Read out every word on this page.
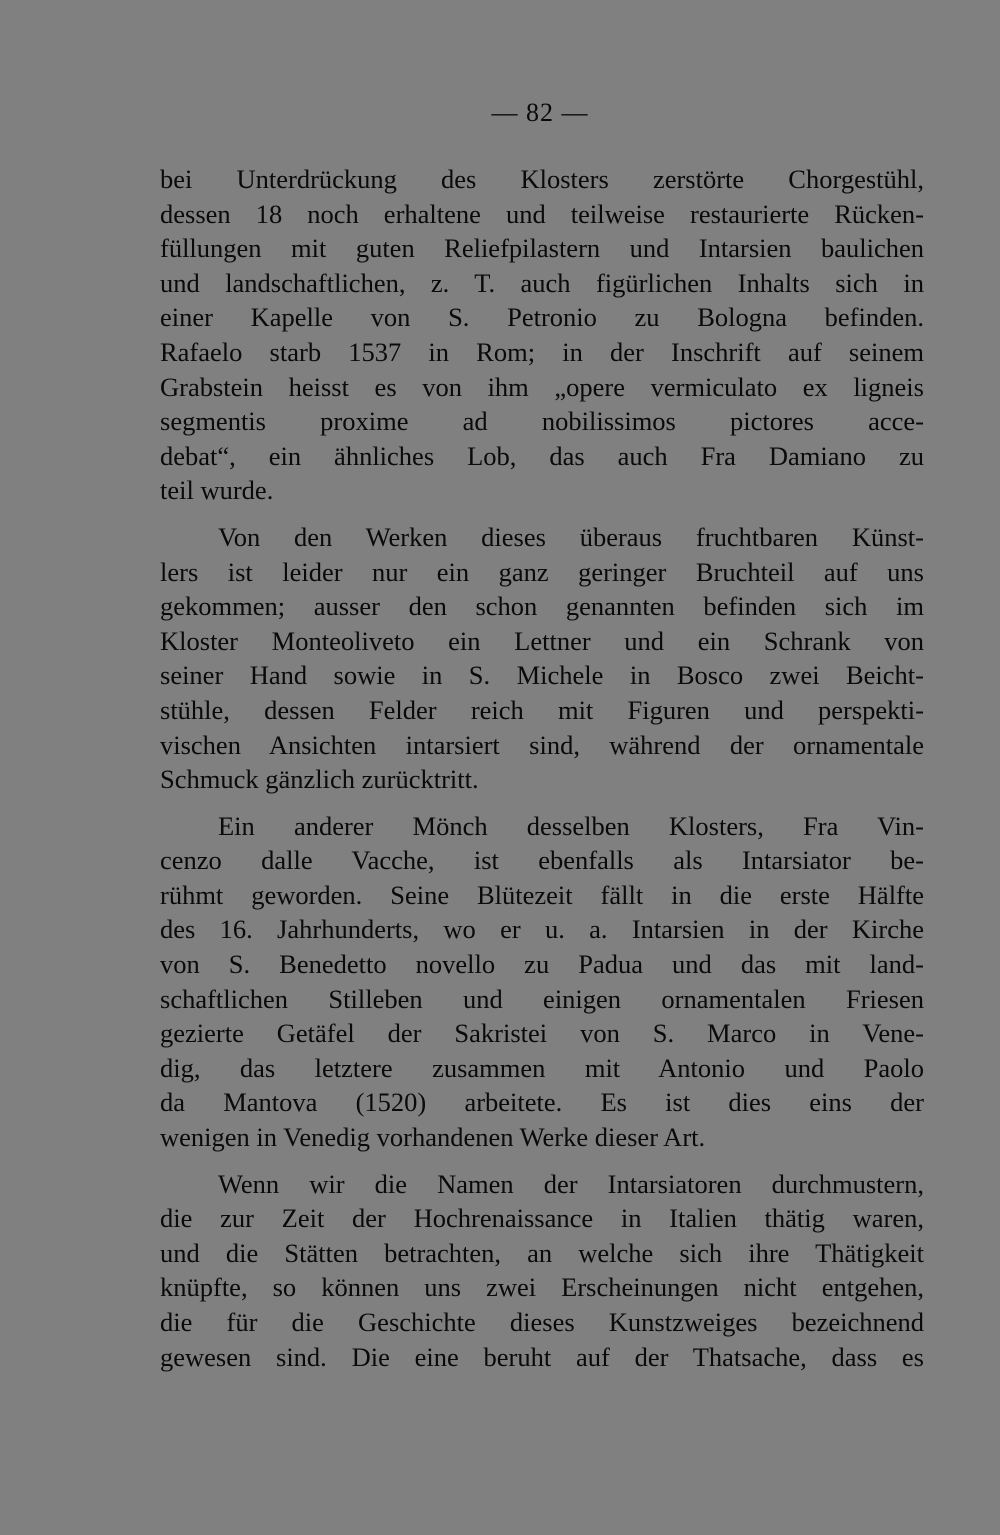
— 82 —
bei Unterdrückung des Klosters zerstörte Chorgestühl,
dessen 18 noch erhaltene und teilweise restaurierte Rücken-
füllungen mit guten Reliefpilastern und Intarsien baulichen
und landschaftlichen, z. T. auch figürlichen Inhalts sich in
einer Kapelle von S. Petronio zu Bologna befinden.
Rafaelo starb 1537 in Rom; in der Inschrift auf seinem
Grabstein heisst es von ihm „opere vermiculato ex ligneis
segmentis proxime ad nobilissimos pictores acce-
debat“, ein ähnliches Lob, das auch Fra Damiano zu
teil wurde.
Von den Werken dieses überaus fruchtbaren Künst-
lers ist leider nur ein ganz geringer Bruchteil auf uns
gekommen; ausser den schon genannten befinden sich im
Kloster Monteoliveto ein Lettner und ein Schrank von
seiner Hand sowie in S. Michele in Bosco zwei Beicht-
stühle, dessen Felder reich mit Figuren und perspekti-
vischen Ansichten intarsiert sind, während der ornamentale
Schmuck gänzlich zurücktritt.
Ein anderer Mönch desselben Klosters, Fra Vin-
cenzo dalle Vacche, ist ebenfalls als Intarsiator be-
rühmt geworden. Seine Blütezeit fällt in die erste Hälfte
des 16. Jahrhunderts, wo er u. a. Intarsien in der Kirche
von S. Benedetto novello zu Padua und das mit land-
schaftlichen Stilleben und einigen ornamentalen Friesen
gezierte Getäfel der Sakristei von S. Marco in Vene-
dig, das letztere zusammen mit Antonio und Paolo
da Mantova (1520) arbeitete. Es ist dies eins der
wenigen in Venedig vorhandenen Werke dieser Art.
Wenn wir die Namen der Intarsiatoren durchmustern,
die zur Zeit der Hochrenaissance in Italien thätig waren,
und die Stätten betrachten, an welche sich ihre Thätigkeit
knüpfte, so können uns zwei Erscheinungen nicht entgehen,
die für die Geschichte dieses Kunstzweiges bezeichnend
gewesen sind. Die eine beruht auf der Thatsache, dass es
